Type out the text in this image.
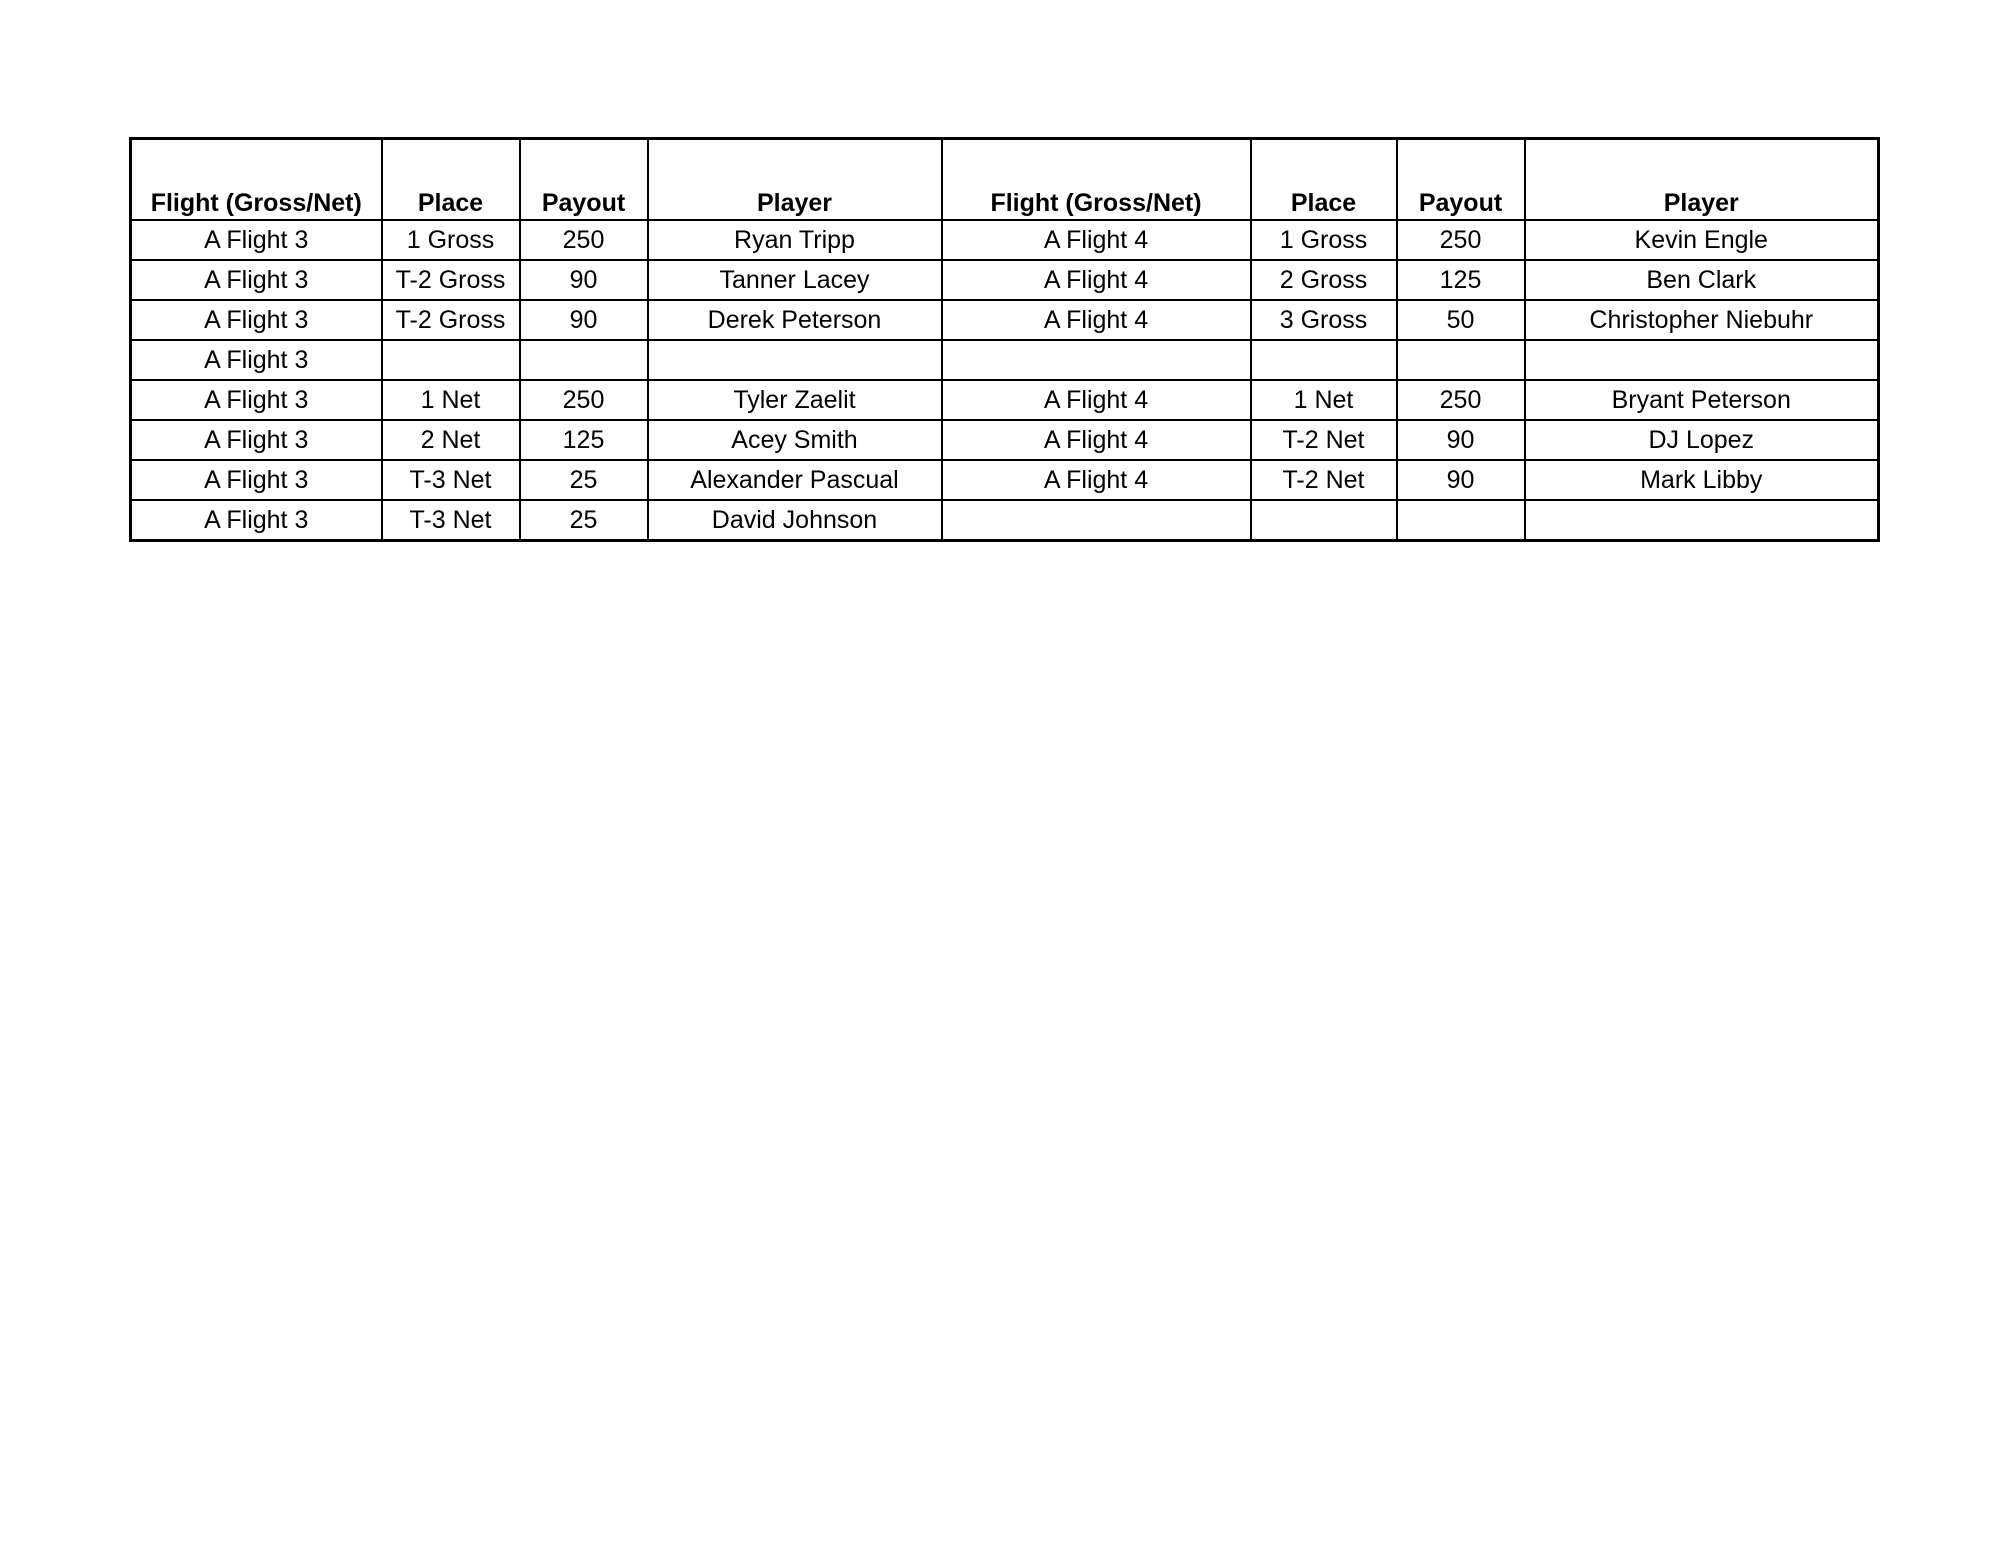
Flight (Gross/Net)	Place	Payout	Player	Flight (Gross/Net)	Place	Payout	Player
A Flight 3	1 Gross	250	Ryan Tripp	A Flight 4	1 Gross	250	Kevin Engle
A Flight 3	T-2 Gross	90	Tanner Lacey	A Flight 4	2 Gross	125	Ben Clark
A Flight 3	T-2 Gross	90	Derek Peterson	A Flight 4	3 Gross	50	Christopher Niebuhr
A Flight 3							
A Flight 3	1 Net	250	Tyler Zaelit	A Flight 4	1 Net	250	Bryant Peterson
A Flight 3	2 Net	125	Acey Smith	A Flight 4	T-2 Net	90	DJ Lopez
A Flight 3	T-3 Net	25	Alexander Pascual	A Flight 4	T-2 Net	90	Mark Libby
A Flight 3	T-3 Net	25	David Johnson				
